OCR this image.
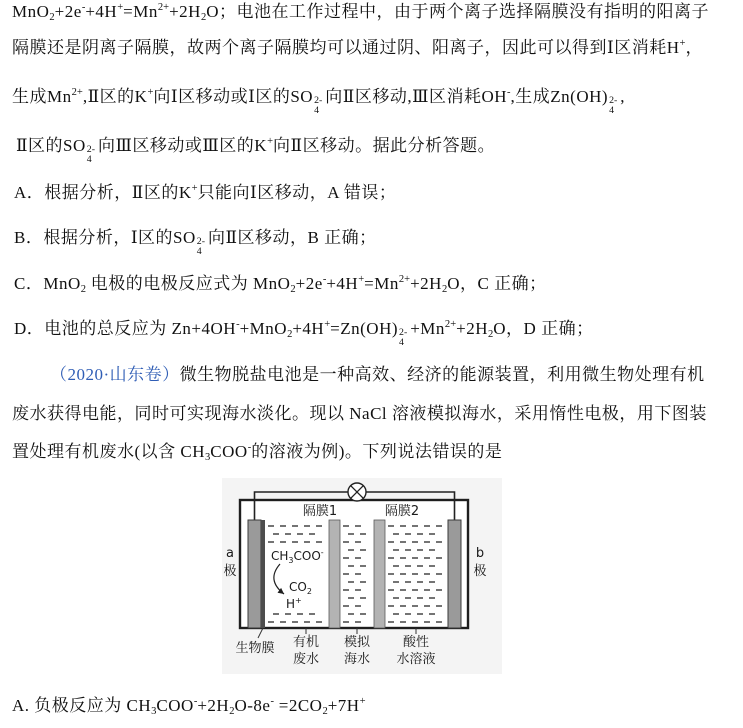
$MnO_2+2e^-+4H^+=Mn^{2+}+2H_2O$；电池在工作过程中，由于两个离子选择隔膜没有指明的阳离子
隔膜还是阴离子隔膜，故两个离子隔膜均可以通过阴、阳离子，因此可以得到Ⅰ区消耗H+，
生成$Mn^{2+},Ⅱ$区的K+向Ⅰ区移动或Ⅰ区的SO 2-
4
向Ⅱ区移动,Ⅲ区消耗OH-,生成Zn(OH) 2-
4
,
Ⅱ区的SO 2-
4
向Ⅲ区移动或Ⅲ区的K+向Ⅱ区移动。据此分析答题。
A．根据分析，Ⅱ区的K+只能向Ⅰ区移动，A 错误；
B．根据分析，Ⅰ区的SO 2-
4
向Ⅱ区移动，B 正确；
C．MnO$_2$ 电极的电极反应式为 $MnO_2+2e^-+4H^+=Mn^{2+}+2H_2O$，C 正确；
D．电池的总反应为 Zn+4OH-+MnO$_2$+4H+=Zn(OH) 2-
4
$+Mn^{2+}+2H_2O$，D 正确；
（2020·山东卷）微生物脱盐电池是一种高效、经济的能源装置，利用微生物处理有机
废水获得电能，同时可实现海水淡化。现以 NaCl 溶液模拟海水，采用惰性电极，用下图装
置处理有机废水(以含 $CH_3COO^-$的溶液为例)。下列说法错误的是
隔膜1	隔膜2
a
极
b
极
$CH_3COO^-$
$CO_2$
H+
生物膜 有机
废水
模拟
海水
酸性
水溶液
A. 负极反应为 $CH_3COO^-+2H_2O-8e^- =2CO_2+7H^+$
